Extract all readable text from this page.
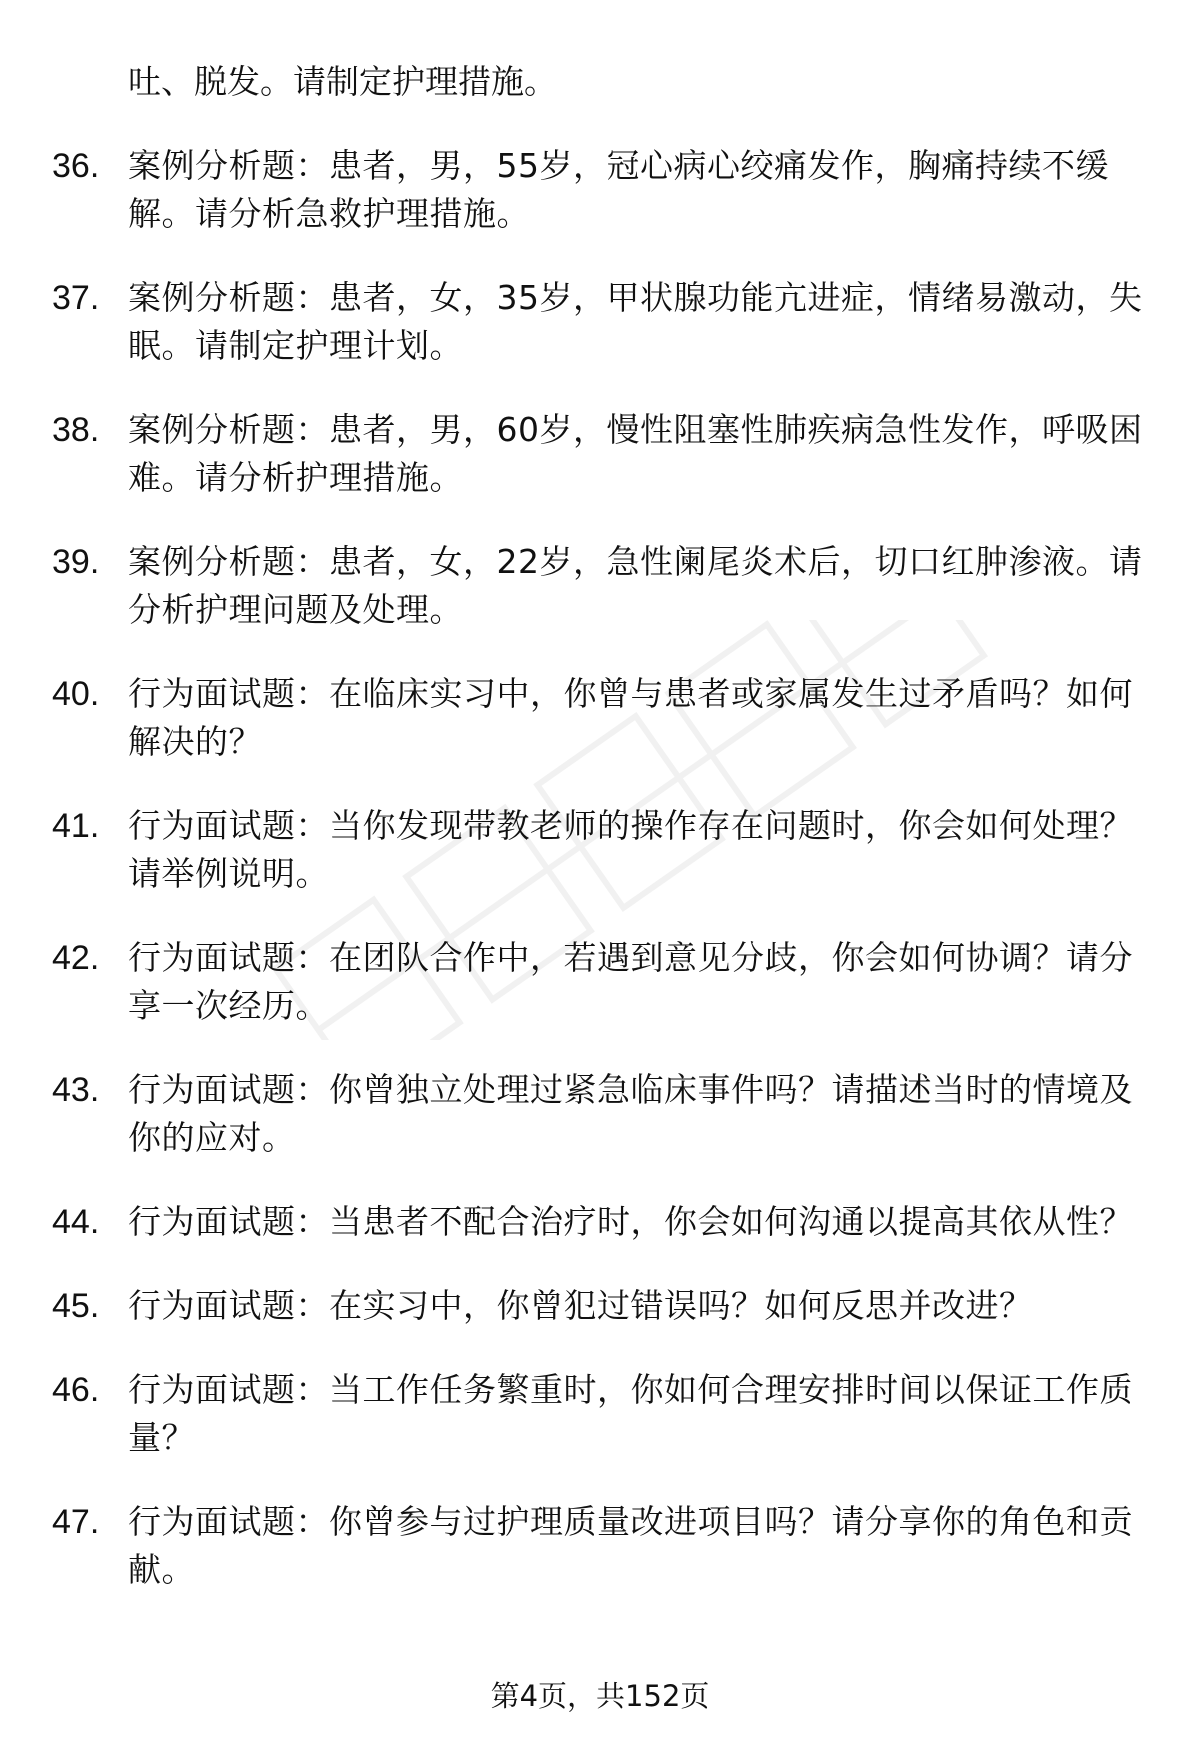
吐、脱发。请制定护理措施。
36. 案例分析题：患者，男，55岁，冠心病心绞痛发作，胸痛持续不缓解。请分析急救护理措施。
37. 案例分析题：患者，女，35岁，甲状腺功能亢进症，情绪易激动，失眠。请制定护理计划。
38. 案例分析题：患者，男，60岁，慢性阻塞性肺疾病急性发作，呼吸困难。请分析护理措施。
39. 案例分析题：患者，女，22岁，急性阑尾炎术后，切口红肿渗液。请分析护理问题及处理。
40. 行为面试题：在临床实习中，你曾与患者或家属发生过矛盾吗？如何解决的？
41. 行为面试题：当你发现带教老师的操作存在问题时，你会如何处理？请举例说明。
42. 行为面试题：在团队合作中，若遇到意见分歧，你会如何协调？请分享一次经历。
43. 行为面试题：你曾独立处理过紧急临床事件吗？请描述当时的情境及你的应对。
44. 行为面试题：当患者不配合治疗时，你会如何沟通以提高其依从性？
45. 行为面试题：在实习中，你曾犯过错误吗？如何反思并改进？
46. 行为面试题：当工作任务繁重时，你如何合理安排时间以保证工作质量？
47. 行为面试题：你曾参与过护理质量改进项目吗？请分享你的角色和贡献。
第4页，共152页
